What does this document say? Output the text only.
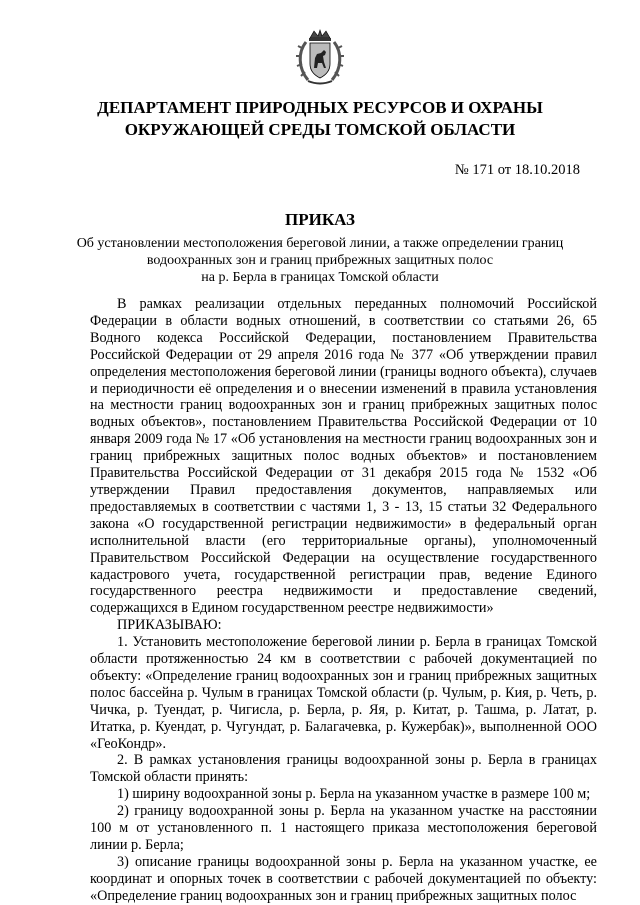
ДЕПАРТАМЕНТ ПРИРОДНЫХ РЕСУРСОВ И ОХРАНЫ
ОКРУЖАЮЩЕЙ СРЕДЫ ТОМСКОЙ ОБЛАСТИ
№ 171 от 18.10.2018
ПРИКАЗ
Об установлении местоположения береговой линии, а также определении границ
водоохранных зон и границ прибрежных защитных полос
на р. Берла в границах Томской области

В рамках реализации отдельных переданных полномочий Российской Федерации в области водных отношений, в соответствии со статьями 26, 65 Водного кодекса Российской Федерации, постановлением Правительства Российской Федерации от 29 апреля 2016 года № 377 «Об утверждении правил определения местоположения береговой линии (границы водного объекта), случаев и периодичности её определения и о внесении изменений в правила установления на местности границ водоохранных зон и границ прибрежных защитных полос водных объектов», постановлением Правительства Российской Федерации от 10 января 2009 года № 17 «Об установления на местности границ водоохранных зон и границ прибрежных защитных полос водных объектов» и постановлением Правительства Российской Федерации от 31 декабря 2015 года № 1532 «Об утверждении Правил предоставления документов, направляемых или предоставляемых в соответствии с частями 1, 3 - 13, 15 статьи 32 Федерального закона «О государственной регистрации недвижимости» в федеральный орган исполнительной власти (его территориальные органы), уполномоченный Правительством Российской Федерации на осуществление государственного кадастрового учета, государственной регистрации прав, ведение Единого государственного реестра недвижимости и предоставление сведений, содержащихся в Едином государственном реестре недвижимости»

ПРИКАЗЫВАЮ:

1. Установить местоположение береговой линии р. Берла в границах Томской области протяженностью 24 км в соответствии с рабочей документацией по объекту: «Определение границ водоохранных зон и границ прибрежных защитных полос бассейна р. Чулым в границах Томской области (р. Чулым, р. Кия, р. Четь, р. Чичка, р. Туендат, р. Чигисла, р. Берла, р. Яя, р. Китат, р. Ташма, р. Латат, р. Итатка, р. Куендат, р. Чугундат, р. Балагачевка, р. Кужербак)», выполненной ООО «ГеоКондр».

2. В рамках установления границы водоохранной зоны р. Берла в границах Томской области принять:

1) ширину водоохранной зоны р. Берла на указанном участке в размере 100 м;

2) границу водоохранной зоны р. Берла на указанном участке на расстоянии 100 м от установленного п. 1 настоящего приказа местоположения береговой линии р. Берла;

3) описание границы водоохранной зоны р. Берла на указанном участке, ее координат и опорных точек в соответствии с рабочей документацией по объекту: «Определение границ водоохранных зон и границ прибрежных защитных полос
